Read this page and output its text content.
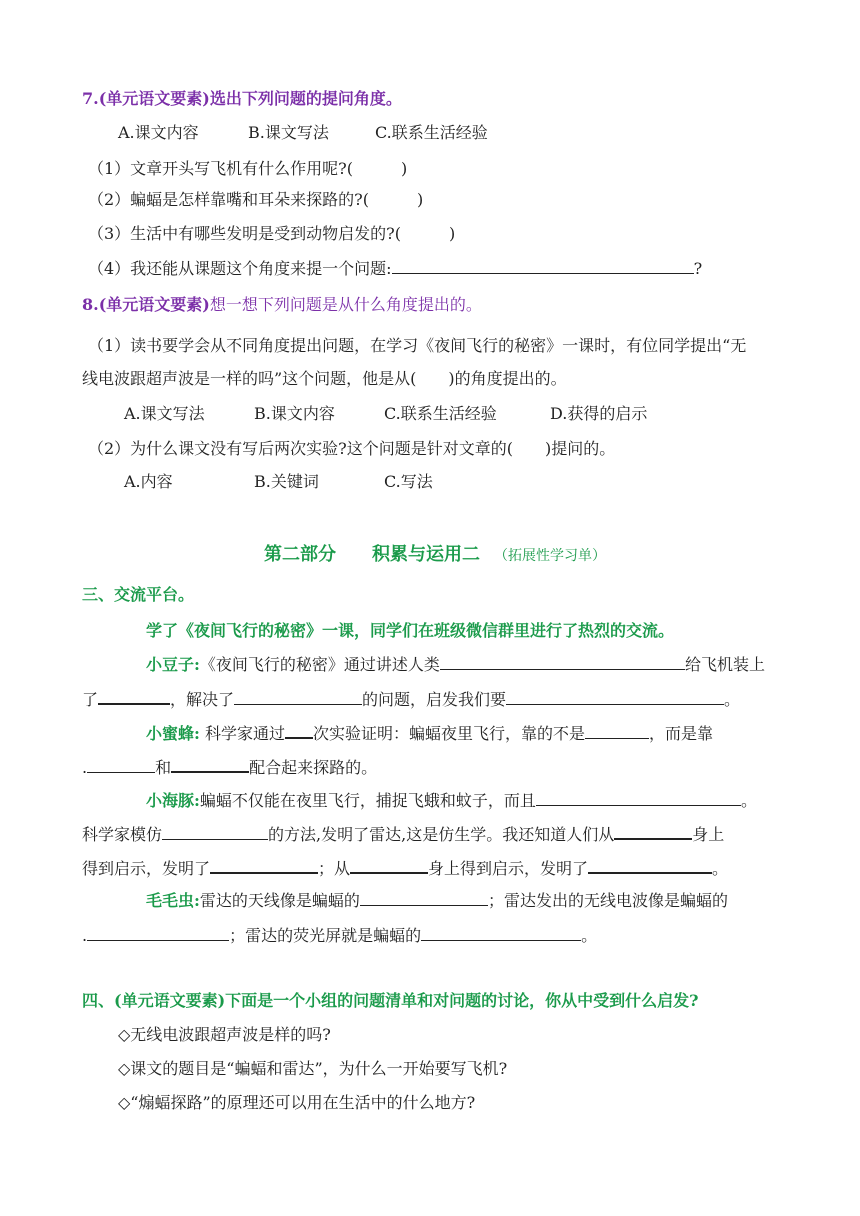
7.(单元语文要素)选出下列问题的提问角度。
A.课文内容	B.课文写法	C.联系生活经验
（1）文章开头写飞机有什么作用呢?(　　　)
（2）蝙蝠是怎样靠嘴和耳朵来探路的?(　　　)
（3）生活中有哪些发明是受到动物启发的?(　　　)
（4）我还能从课题这个角度来提一个问题:	?
8.(单元语文要素)想一想下列问题是从什么角度提出的。
（1）读书要学会从不同角度提出问题，在学习《夜间飞行的秘密》一课时，有位同学提出“无
线电波跟超声波是一样的吗”这个问题，他是从(　　)的角度提出的。
A.课文写法	B.课文内容	C.联系生活经验	D.获得的启示
（2）为什么课文没有写后两次实验?这个问题是针对文章的(　　)提问的。
A.内容	B.关键词	C.写法
第二部分　　积累与运用二 （拓展性学习单）
三、交流平台。
学了《夜间飞行的秘密》一课，同学们在班级微信群里进行了热烈的交流。
小豆子:《夜间飞行的秘密》通过讲述人类	给飞机装上
了	，解决了	的问题，启发我们要	。
小蜜蜂: 科学家通过 次实验证明：蝙蝠夜里飞行，靠的不是	，而是靠
.	和	配合起来探路的。
小海豚:蝙蝠不仅能在夜里飞行，捕捉飞蛾和蚊子，而且	。
科学家模仿	的方法,发明了雷达,这是仿生学。我还知道人们从	身上
得到启示，发明了	；从	身上得到启示，发明了	。
毛毛虫:雷达的天线像是蝙蝠的	；雷达发出的无线电波像是蝙蝠的
.	；雷达的荧光屏就是蝙蝠的	。
四、(单元语文要素)下面是一个小组的问题清单和对问题的讨论，你从中受到什么启发?
◇无线电波跟超声波是样的吗?
◇课文的题目是“蝙蝠和雷达”，为什么一开始要写飞机?
◇“煽蝠探路”的原理还可以用在生活中的什么地方?
